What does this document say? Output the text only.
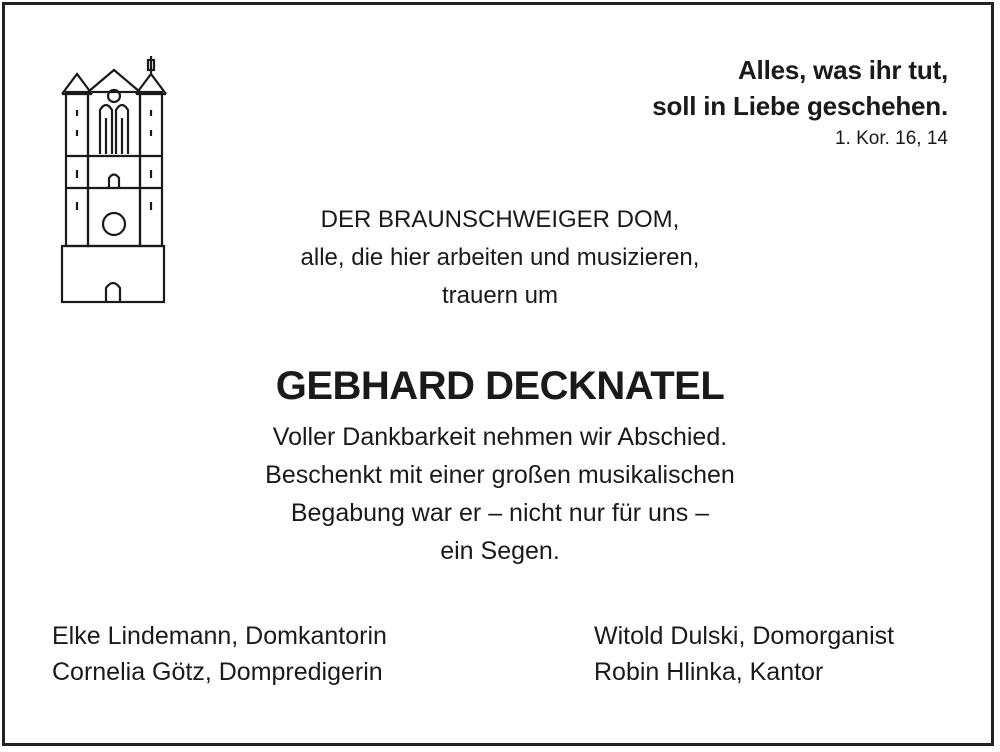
Alles, was ihr tut,
soll in Liebe geschehen.
1. Kor. 16, 14
DER BRAUNSCHWEIGER DOM,
alle, die hier arbeiten und musizieren,
trauern um
GEBHARD DECKNATEL
Voller Dankbarkeit nehmen wir Abschied.
Beschenkt mit einer großen musikalischen
Begabung war er – nicht nur für uns –
ein Segen.
Elke Lindemann, Domkantorin
Cornelia Götz, Dompredigerin
Witold Dulski, Domorganist
Robin Hlinka, Kantor
